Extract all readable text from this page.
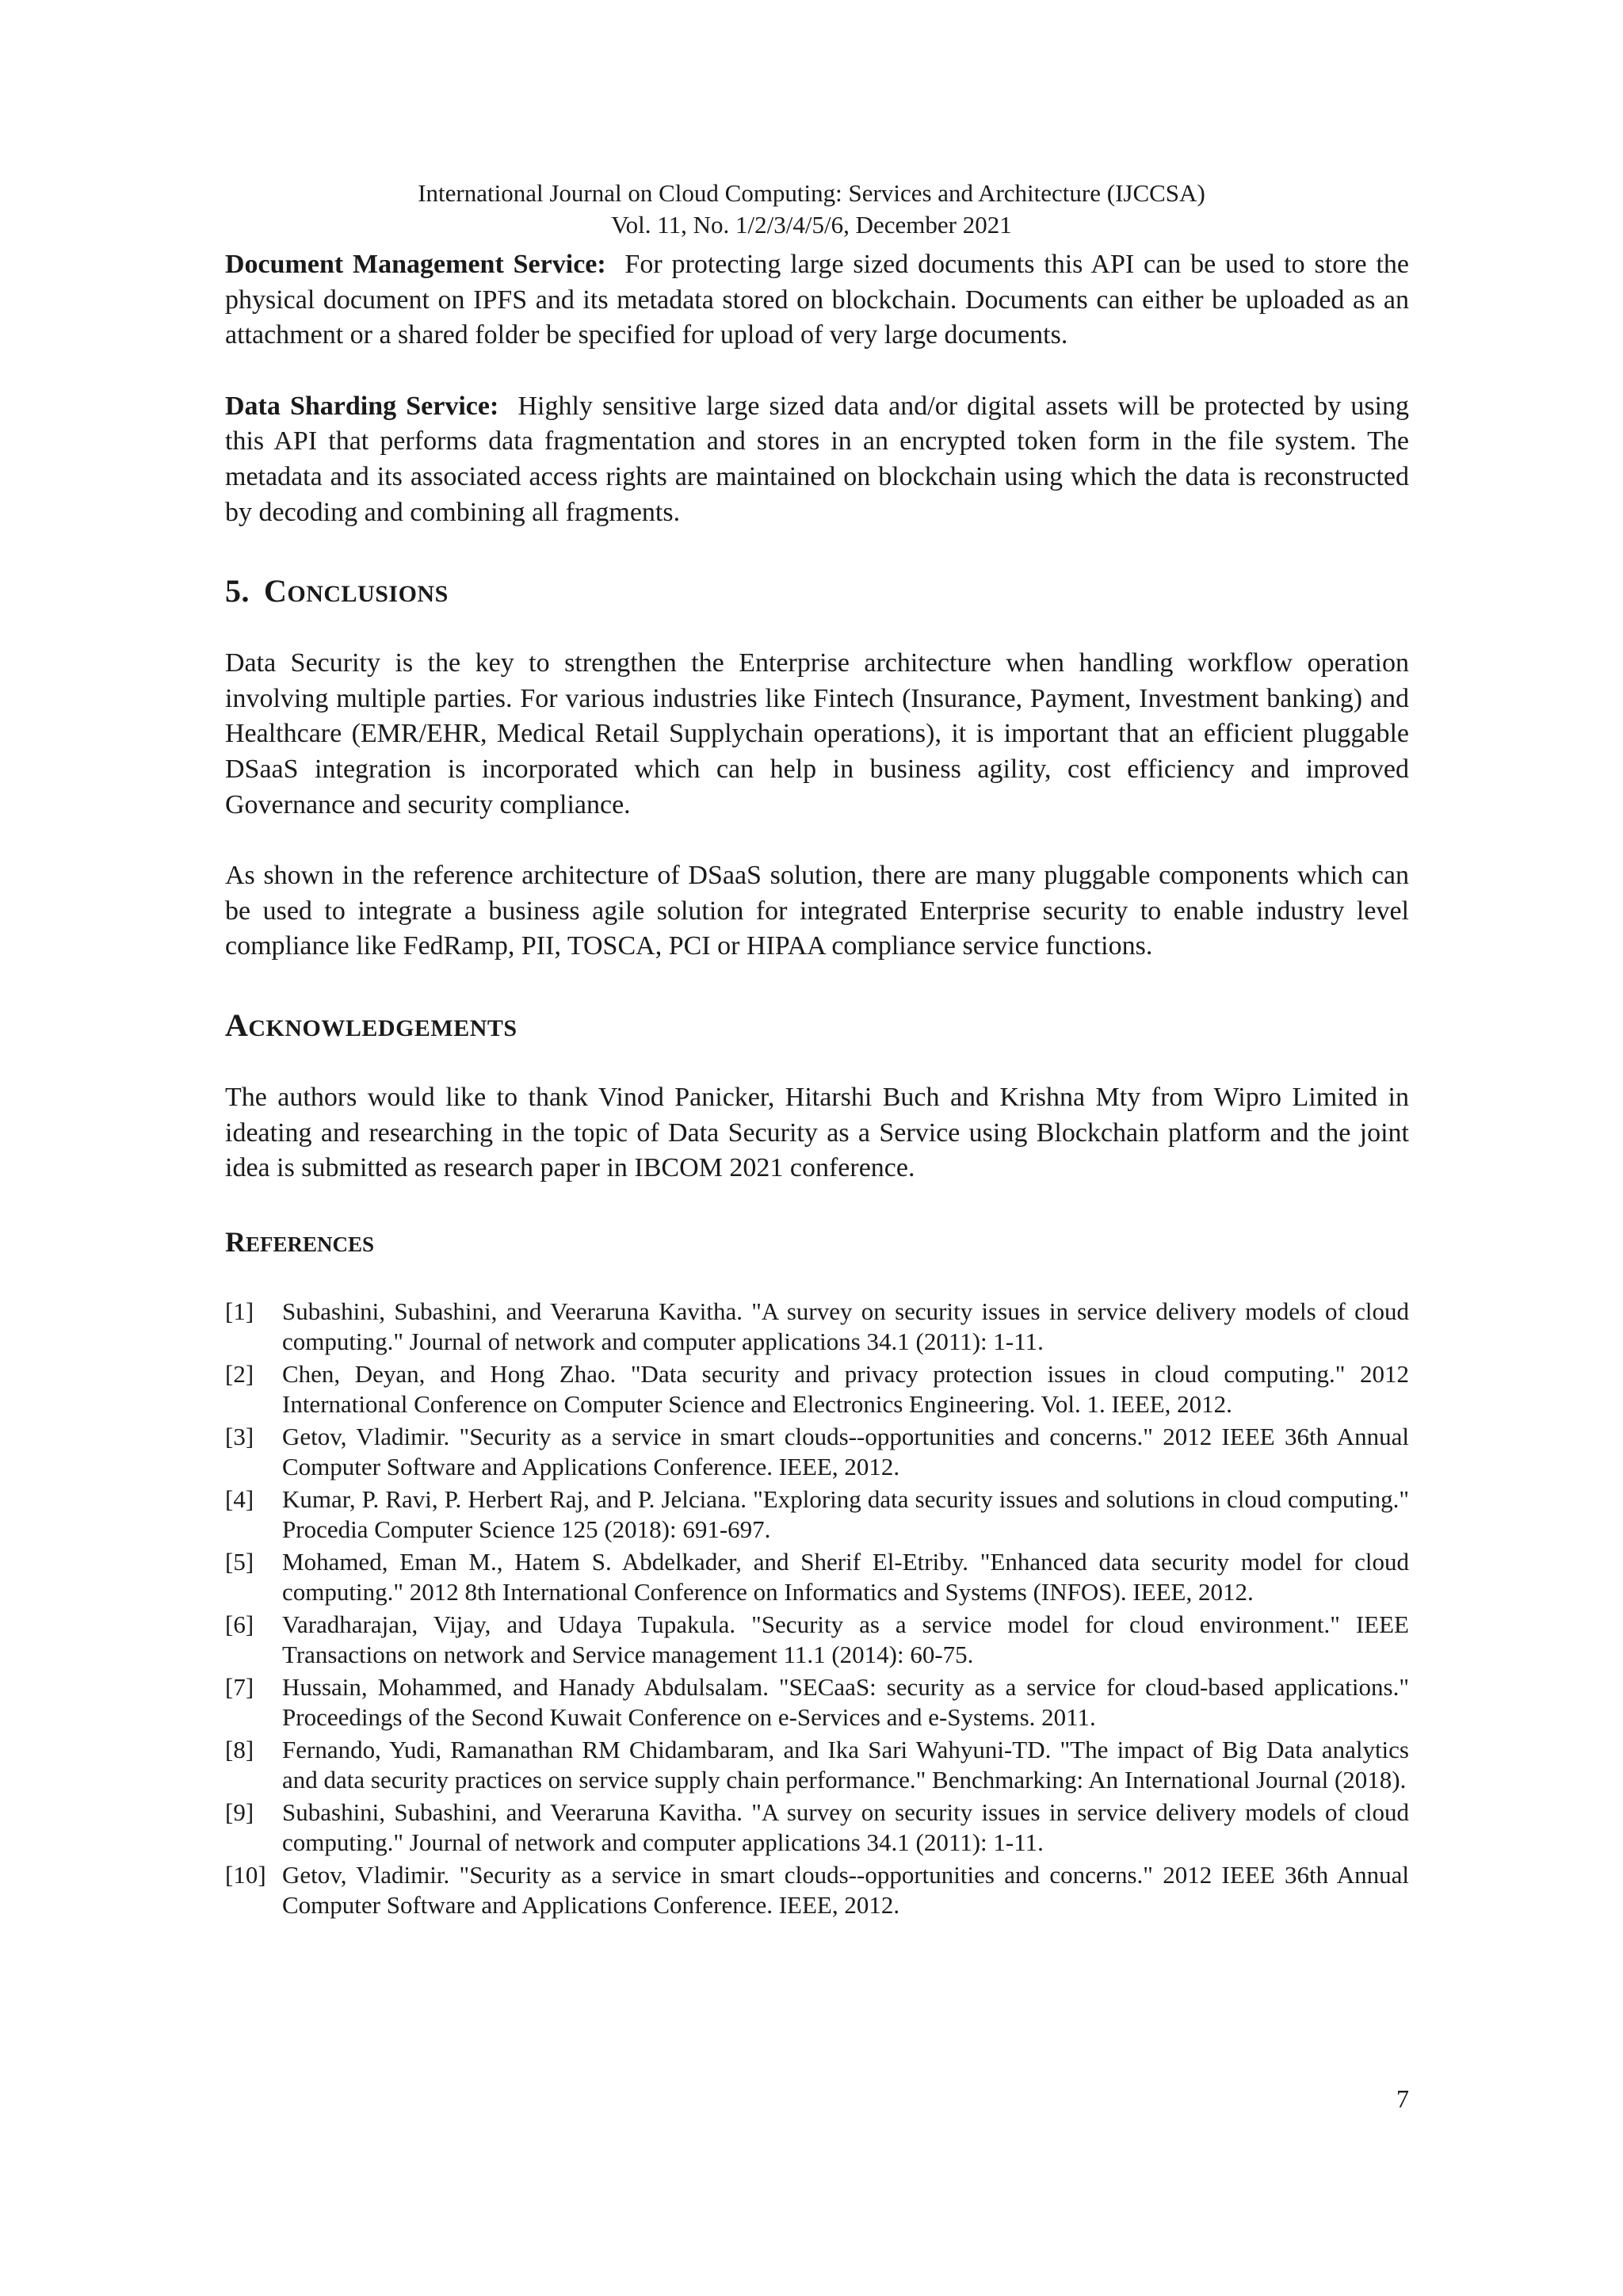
International Journal on Cloud Computing: Services and Architecture (IJCCSA)
Vol. 11, No. 1/2/3/4/5/6, December 2021

Document Management Service: For protecting large sized documents this API can be used to store the physical document on IPFS and its metadata stored on blockchain. Documents can either be uploaded as an attachment or a shared folder be specified for upload of very large documents.

Data Sharding Service: Highly sensitive large sized data and/or digital assets will be protected by using this API that performs data fragmentation and stores in an encrypted token form in the file system. The metadata and its associated access rights are maintained on blockchain using which the data is reconstructed by decoding and combining all fragments.

5. CONCLUSIONS

Data Security is the key to strengthen the Enterprise architecture when handling workflow operation involving multiple parties. For various industries like Fintech (Insurance, Payment, Investment banking) and Healthcare (EMR/EHR, Medical Retail Supplychain operations), it is important that an efficient pluggable DSaaS integration is incorporated which can help in business agility, cost efficiency and improved Governance and security compliance.

As shown in the reference architecture of DSaaS solution, there are many pluggable components which can be used to integrate a business agile solution for integrated Enterprise security to enable industry level compliance like FedRamp, PII, TOSCA, PCI or HIPAA compliance service functions.

ACKNOWLEDGEMENTS

The authors would like to thank Vinod Panicker, Hitarshi Buch and Krishna Mty from Wipro Limited in ideating and researching in the topic of Data Security as a Service using Blockchain platform and the joint idea is submitted as research paper in IBCOM 2021 conference.

REFERENCES
[1] Subashini, Subashini, and Veeraruna Kavitha. "A survey on security issues in service delivery models of cloud computing." Journal of network and computer applications 34.1 (2011): 1-11.
[2] Chen, Deyan, and Hong Zhao. "Data security and privacy protection issues in cloud computing." 2012 International Conference on Computer Science and Electronics Engineering. Vol. 1. IEEE, 2012.
[3] Getov, Vladimir. "Security as a service in smart clouds--opportunities and concerns." 2012 IEEE 36th Annual Computer Software and Applications Conference. IEEE, 2012.
[4] Kumar, P. Ravi, P. Herbert Raj, and P. Jelciana. "Exploring data security issues and solutions in cloud computing." Procedia Computer Science 125 (2018): 691-697.
[5] Mohamed, Eman M., Hatem S. Abdelkader, and Sherif El-Etriby. "Enhanced data security model for cloud computing." 2012 8th International Conference on Informatics and Systems (INFOS). IEEE, 2012.
[6] Varadharajan, Vijay, and Udaya Tupakula. "Security as a service model for cloud environment." IEEE Transactions on network and Service management 11.1 (2014): 60-75.
[7] Hussain, Mohammed, and Hanady Abdulsalam. "SECaaS: security as a service for cloud-based applications." Proceedings of the Second Kuwait Conference on e-Services and e-Systems. 2011.
[8] Fernando, Yudi, Ramanathan RM Chidambaram, and Ika Sari Wahyuni-TD. "The impact of Big Data analytics and data security practices on service supply chain performance." Benchmarking: An International Journal (2018).
[9] Subashini, Subashini, and Veeraruna Kavitha. "A survey on security issues in service delivery models of cloud computing." Journal of network and computer applications 34.1 (2011): 1-11.
[10] Getov, Vladimir. "Security as a service in smart clouds--opportunities and concerns." 2012 IEEE 36th Annual Computer Software and Applications Conference. IEEE, 2012.
7
